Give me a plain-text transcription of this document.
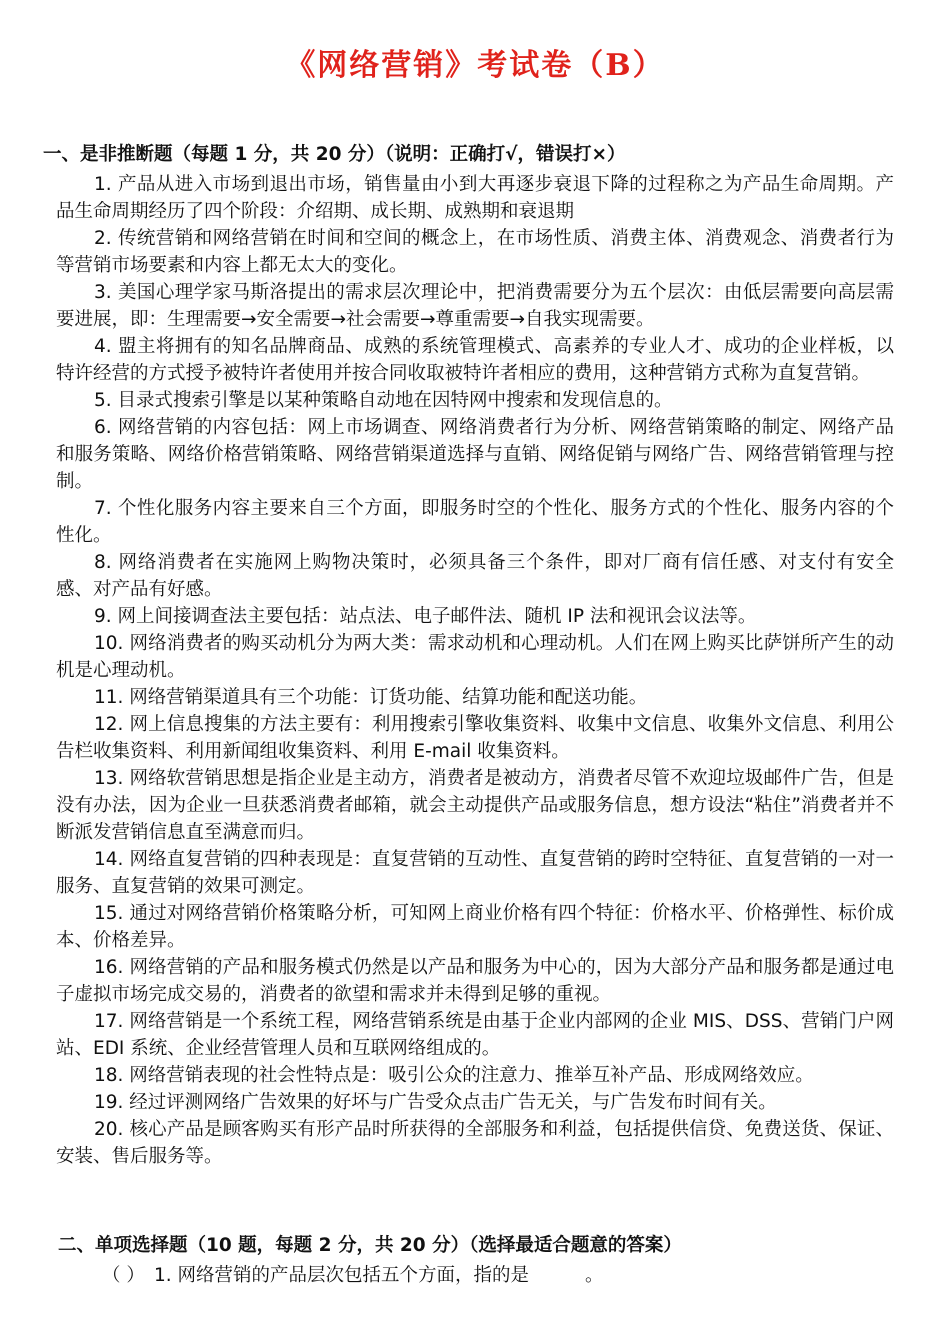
《网络营销》考试卷（B）
一、是非推断题（每题 1 分，共 20 分）（说明：正确打√，错误打×）

1. 产品从进入市场到退出市场，销售量由小到大再逐步衰退下降的过程称之为产品生命周期。产品生命周期经历了四个阶段：介绍期、成长期、成熟期和衰退期

2. 传统营销和网络营销在时间和空间的概念上，在市场性质、消费主体、消费观念、消费者行为等营销市场要素和内容上都无太大的变化。

3. 美国心理学家马斯洛提出的需求层次理论中，把消费需要分为五个层次：由低层需要向高层需要进展，即：生理需要→安全需要→社会需要→尊重需要→自我实现需要。

4. 盟主将拥有的知名品牌商品、成熟的系统管理模式、高素养的专业人才、成功的企业样板，以特许经营的方式授予被特许者使用并按合同收取被特许者相应的费用，这种营销方式称为直复营销。

5. 目录式搜索引擎是以某种策略自动地在因特网中搜索和发现信息的。

6. 网络营销的内容包括：网上市场调查、网络消费者行为分析、网络营销策略的制定、网络产品和服务策略、网络价格营销策略、网络营销渠道选择与直销、网络促销与网络广告、网络营销管理与控制。

7. 个性化服务内容主要来自三个方面，即服务时空的个性化、服务方式的个性化、服务内容的个性化。

8. 网络消费者在实施网上购物决策时，必须具备三个条件，即对厂商有信任感、对支付有安全感、对产品有好感。

9. 网上间接调查法主要包括：站点法、电子邮件法、随机 IP 法和视讯会议法等。

10. 网络消费者的购买动机分为两大类：需求动机和心理动机。人们在网上购买比萨饼所产生的动机是心理动机。

11. 网络营销渠道具有三个功能：订货功能、结算功能和配送功能。

12. 网上信息搜集的方法主要有：利用搜索引擎收集资料、收集中文信息、收集外文信息、利用公告栏收集资料、利用新闻组收集资料、利用 E-mail 收集资料。

13. 网络软营销思想是指企业是主动方，消费者是被动方，消费者尽管不欢迎垃圾邮件广告，但是没有办法，因为企业一旦获悉消费者邮箱，就会主动提供产品或服务信息，想方设法“粘住”消费者并不断派发营销信息直至满意而归。

14. 网络直复营销的四种表现是：直复营销的互动性、直复营销的跨时空特征、直复营销的一对一服务、直复营销的效果可测定。

15. 通过对网络营销价格策略分析，可知网上商业价格有四个特征：价格水平、价格弹性、标价成本、价格差异。

16. 网络营销的产品和服务模式仍然是以产品和服务为中心的，因为大部分产品和服务都是通过电子虚拟市场完成交易的，消费者的欲望和需求并未得到足够的重视。

17. 网络营销是一个系统工程，网络营销系统是由基于企业内部网的企业 MIS、DSS、营销门户网站、EDI 系统、企业经营管理人员和互联网络组成的。

18. 网络营销表现的社会性特点是：吸引公众的注意力、推举互补产品、形成网络效应。

19. 经过评测网络广告效果的好坏与广告受众点击广告无关，与广告发布时间有关。

20. 核心产品是顾客购买有形产品时所获得的全部服务和利益，包括提供信贷、免费送货、保证、安装、售后服务等。

二、单项选择题（10 题，每题 2 分，共 20 分）（选择最适合题意的答案）
（ ） 1. 网络营销的产品层次包括五个方面，指的是	。
